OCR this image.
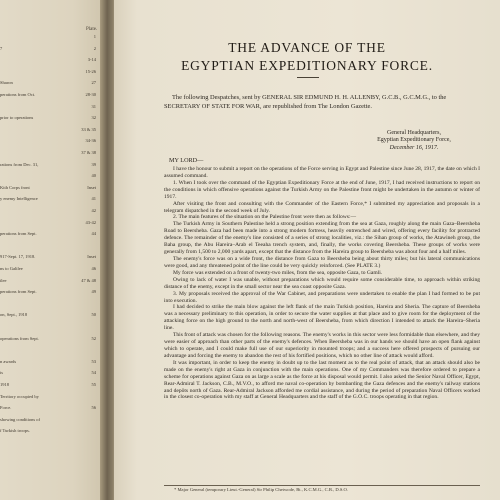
Plate.
1
7	2
3-14
15-26
Sharon	27
perations from Oct.	28-30
31
prior to operations	32
33 & 35
34-36
37 & 38
rations from Dec. 31,	39
40
Kith Corps front	Inset
y enemy Intelligence	41
42
43-42
perations from Sept.	44
917-Sept. 17, 1918.	Inset
ns to Galilee	46
ilee	47 & 48
perations from Sept.	49
on, Sept., 1918	50
operations from Sept.	52
n awards	53
is	54
1918	55
Territory occupied by
Force.	56
showing conditions of
f Turkish troops.
THE ADVANCE OF THE
EGYPTIAN EXPEDITIONARY FORCE.
The following Despatches, sent by GENERAL SIR EDMUND H. H. ALLENBY, G.C.B., G.C.M.G., to the SECRETARY OF STATE FOR WAR, are republished from The London Gazette.
General Headquarters,
Egyptian Expeditionary Force,
December 16, 1917.
MY LORD—

I have the honour to submit a report on the operations of the Force serving in Egypt and Palestine since June 28, 1917, the date on which I assumed command.

1. When I took over the command of the Egyptian Expeditionary Force at the end of June, 1917, I had received instructions to report on the conditions in which offensive operations against the Turkish Army on the Palestine front might be undertaken in the autumn or winter of 1917.

After visiting the front and consulting with the Commander of the Eastern Force,* I submitted my appreciation and proposals in a telegram dispatched in the second week of July.

2. The main features of the situation on the Palestine front were then as follows:—

The Turkish Army in Southern Palestine held a strong position extending from the sea at Gaza, roughly along the main Gaza–Beersheba Road to Beersheba. Gaza had been made into a strong modern fortress, heavily entrenched and wired, offering every facility for protracted defence. The remainder of the enemy's line consisted of a series of strong localities, viz.: the Sihan group of works, the Atawineh group, the Baha group, the Abu Hareira–Arab el Teeaha trench system, and, finally, the works covering Beersheba. These groups of works were generally from 1,500 to 2,000 yards apart, except that the distance from the Hareira group to Beersheba was about four and a half miles.

The enemy's force was on a wide front, the distance from Gaza to Beersheba being about thirty miles; but his lateral communications were good, and any threatened point of the line could be very quickly reinforced. (See PLATE 3.)

My force was extended on a front of twenty-two miles, from the sea, opposite Gaza, to Gamli.

Owing to lack of water I was unable, without preparations which would require some considerable time, to approach within striking distance of the enemy, except in the small sector near the sea coast opposite Gaza.

3. My proposals received the approval of the War Cabinet, and preparations were undertaken to enable the plan I had formed to be put into execution.

I had decided to strike the main blow against the left flank of the main Turkish position, Hareira and Sheria. The capture of Beersheba was a necessary preliminary to this operation, in order to secure the water supplies at that place and to give room for the deployment of the attacking force on the high ground to the north and north-west of Beersheba, from which direction I intended to attack the Hareira–Sheria line.

This front of attack was chosen for the following reasons. The enemy's works in this sector were less formidable than elsewhere, and they were easier of approach than other parts of the enemy's defences. When Beersheba was in our hands we should have an open flank against which to operate, and I could make full use of our superiority in mounted troops; and a success here offered prospects of pursuing our advantage and forcing the enemy to abandon the rest of his fortified positions, which no other line of attack would afford.

It was important, in order to keep the enemy in doubt up to the last moment as to the real point of attack, that an attack should also be made on the enemy's right at Gaza in conjunction with the main operations. One of my Commanders was therefore ordered to prepare a scheme for operations against Gaza on as large a scale as the force at his disposal would permit. I also asked the Senior Naval Officer, Egypt, Rear-Admiral T. Jackson, C.B., M.V.O., to afford me naval co-operation by bombarding the Gaza defences and the enemy's railway stations and depôts north of Gaza. Rear-Admiral Jackson afforded me cordial assistance, and during the period of preparation Naval Officers worked in the closest co-operation with my staff at General Headquarters and the staff of the G.O.C. troops operating in that region.

* Major General (temporary Lieut.-General) Sir Philip Chetwode, Bt., K.C.M.G., C.B., D.S.O.
